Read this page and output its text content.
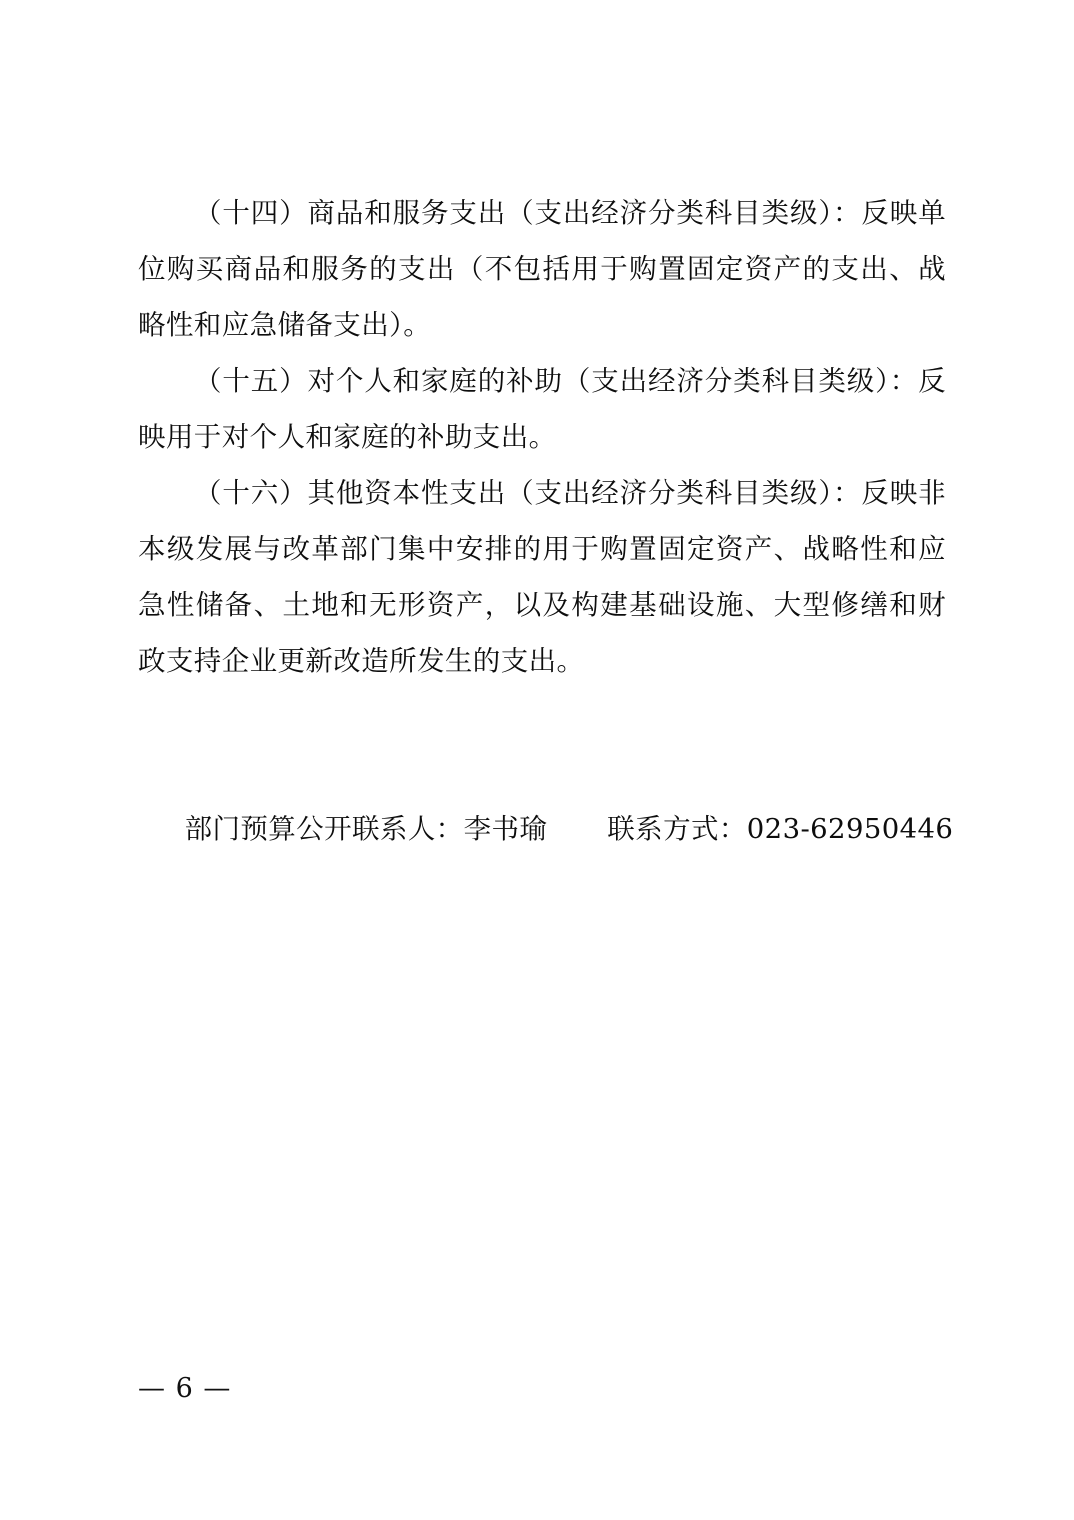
（十四）商品和服务支出（支出经济分类科目类级）：反映单位购买商品和服务的支出（不包括用于购置固定资产的支出、战略性和应急储备支出）。

（十五）对个人和家庭的补助（支出经济分类科目类级）：反映用于对个人和家庭的补助支出。

（十六）其他资本性支出（支出经济分类科目类级）：反映非本级发展与改革部门集中安排的用于购置固定资产、战略性和应急性储备、土地和无形资产，以及构建基础设施、大型修缮和财政支持企业更新改造所发生的支出。

部门预算公开联系人：李书瑜 联系方式：023-62950446

— 6 —
